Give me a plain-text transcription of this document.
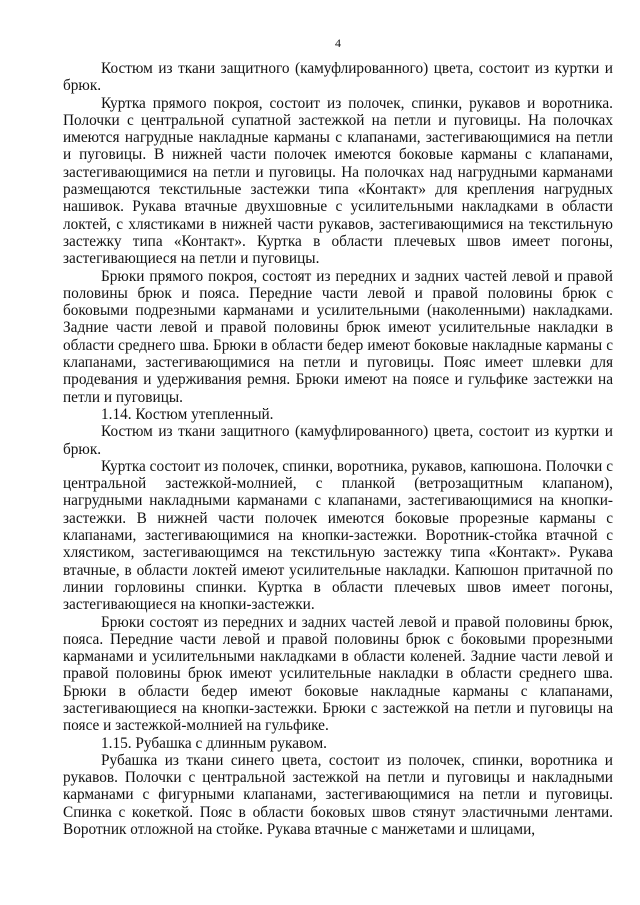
4

Костюм из ткани защитного (камуфлированного) цвета, состоит из куртки и брюк.

Куртка прямого покроя, состоит из полочек, спинки, рукавов и воротника. Полочки с центральной супатной застежкой на петли и пуговицы. На полочках имеются нагрудные накладные карманы с клапанами, застегивающимися на петли и пуговицы. В нижней части полочек имеются боковые карманы с клапанами, застегивающимися на петли и пуговицы. На полочках над нагрудными карманами размещаются текстильные застежки типа «Контакт» для крепления нагрудных нашивок. Рукава втачные двухшовные с усилительными накладками в области локтей, с хлястиками в нижней части рукавов, застегивающимися на текстильную застежку типа «Контакт». Куртка в области плечевых швов имеет погоны, застегивающиеся на петли и пуговицы.

Брюки прямого покроя, состоят из передних и задних частей левой и правой половины брюк и пояса. Передние части левой и правой половины брюк с боковыми подрезными карманами и усилительными (наколенными) накладками. Задние части левой и правой половины брюк имеют усилительные накладки в области среднего шва. Брюки в области бедер имеют боковые накладные карманы с клапанами, застегивающимися на петли и пуговицы. Пояс имеет шлевки для продевания и удерживания ремня. Брюки имеют на поясе и гульфике застежки на петли и пуговицы.

1.14. Костюм утепленный.

Костюм из ткани защитного (камуфлированного) цвета, состоит из куртки и брюк.

Куртка состоит из полочек, спинки, воротника, рукавов, капюшона. Полочки с центральной застежкой-молнией, с планкой (ветрозащитным клапаном), нагрудными накладными карманами с клапанами, застегивающимися на кнопки-застежки. В нижней части полочек имеются боковые прорезные карманы с клапанами, застегивающимися на кнопки-застежки. Воротник-стойка втачной с хлястиком, застегивающимся на текстильную застежку типа «Контакт». Рукава втачные, в области локтей имеют усилительные накладки. Капюшон притачной по линии горловины спинки. Куртка в области плечевых швов имеет погоны, застегивающиеся на кнопки-застежки.

Брюки состоят из передних и задних частей левой и правой половины брюк, пояса. Передние части левой и правой половины брюк с боковыми прорезными карманами и усилительными накладками в области коленей. Задние части левой и правой половины брюк имеют усилительные накладки в области среднего шва. Брюки в области бедер имеют боковые накладные карманы с клапанами, застегивающиеся на кнопки-застежки. Брюки с застежкой на петли и пуговицы на поясе и застежкой-молнией на гульфике.

1.15. Рубашка с длинным рукавом.

Рубашка из ткани синего цвета, состоит из полочек, спинки, воротника и рукавов. Полочки с центральной застежкой на петли и пуговицы и накладными карманами с фигурными клапанами, застегивающимися на петли и пуговицы. Спинка с кокеткой. Пояс в области боковых швов стянут эластичными лентами. Воротник отложной на стойке. Рукава втачные с манжетами и шлицами,
